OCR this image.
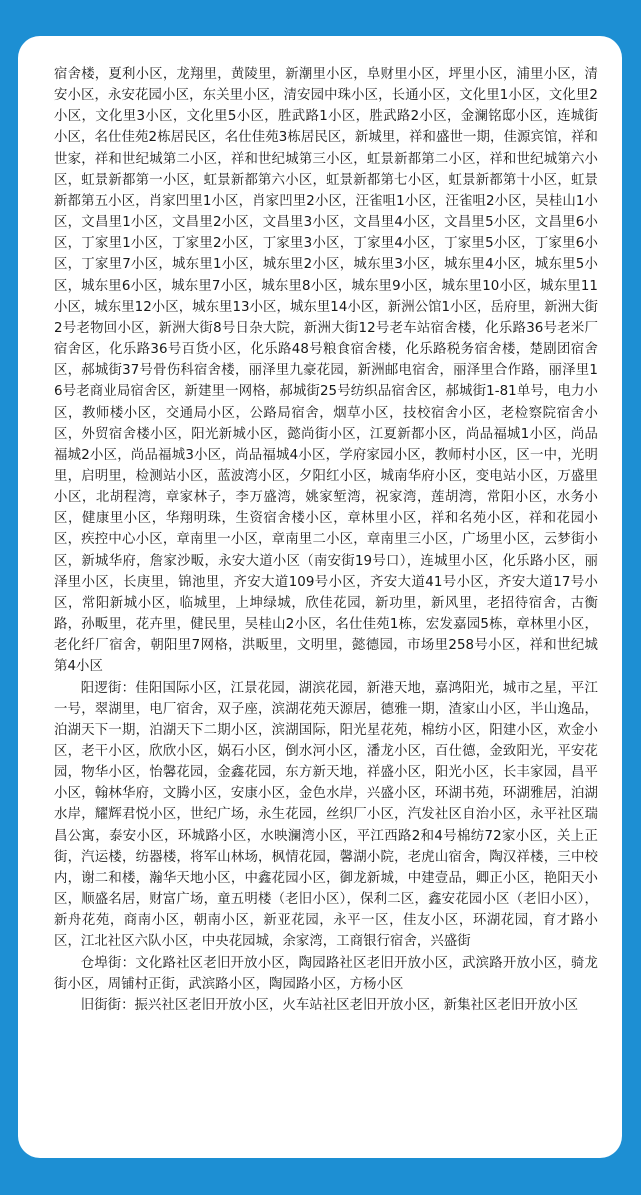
宿舍楼，夏利小区，龙翔里，黄陵里，新潮里小区，阜财里小区，坪里小区，浦里小区，清安小区，永安花园小区，东关里小区，清安园中珠小区，长通小区，文化里1小区，文化里2小区，文化里3小区，文化里5小区，胜武路1小区，胜武路2小区，金澜铭邸小区，连城街小区，名仕佳苑2栋居民区，名仕佳苑3栋居民区，新城里，祥和盛世一期，佳源宾馆，祥和世家，祥和世纪城第二小区，祥和世纪城第三小区，虹景新都第二小区，祥和世纪城第六小区，虹景新都第一小区，虹景新都第六小区，虹景新都第七小区，虹景新都第十小区，虹景新都第五小区，肖家凹里1小区，肖家凹里2小区，汪雀咀1小区，汪雀咀2小区，吴桂山1小区，文昌里1小区，文昌里2小区，文昌里3小区，文昌里4小区，文昌里5小区，文昌里6小区，丁家里1小区，丁家里2小区，丁家里3小区，丁家里4小区，丁家里5小区，丁家里6小区，丁家里7小区，城东里1小区，城东里2小区，城东里3小区，城东里4小区，城东里5小区，城东里6小区，城东里7小区，城东里8小区，城东里9小区，城东里10小区，城东里11小区，城东里12小区，城东里13小区，城东里14小区，新洲公馆1小区，岳府里，新洲大街2号老物回小区，新洲大街8号日杂大院，新洲大街12号老车站宿舍楼，化乐路36号老米厂宿舍区，化乐路36号百货小区，化乐路48号粮食宿舍楼，化乐路税务宿舍楼，楚剧团宿舍区，郝城街37号骨伤科宿舍楼，丽泽里九豪花园，新洲邮电宿舍，丽泽里合作路，丽泽里16号老商业局宿舍区，新建里一网格，郝城街25号纺织品宿舍区，郝城街1-81单号，电力小区，教师楼小区，交通局小区，公路局宿舍，烟草小区，技校宿舍小区，老检察院宿舍小区，外贸宿舍楼小区，阳光新城小区，懿尚街小区，江夏新都小区，尚品福城1小区，尚品福城2小区，尚品福城3小区，尚品福城4小区，学府家园小区，教师村小区，区一中，光明里，启明里，检测站小区，蓝波湾小区，夕阳红小区，城南华府小区，变电站小区，万盛里小区，北胡程湾，章家林子，李万盛湾，姚家堑湾，祝家湾，莲胡湾，常阳小区，水务小区，健康里小区，华翔明珠，生资宿舍楼小区，章林里小区，祥和名苑小区，祥和花园小区，疾控中心小区，章南里一小区，章南里二小区，章南里三小区，广场里小区，云梦街小区，新城华府，詹家沙畈，永安大道小区（南安街19号口），连城里小区，化乐路小区，丽泽里小区，长庚里，锦池里，齐安大道109号小区，齐安大道41号小区，齐安大道17号小区，常阳新城小区，临城里，上坤绿城，欣佳花园，新功里，新风里，老招待宿舍，古衡路，孙畈里，花卉里，健民里，吴桂山2小区，名仕佳苑1栋，宏发嘉园5栋，章林里小区，老化纤厂宿舍，朝阳里7网格，洪畈里，文明里，懿德园，市场里258号小区，祥和世纪城第4小区

阳逻街：佳阳国际小区，江景花园，湖滨花园，新港天地，嘉鸿阳光，城市之星，平江一号，翠湖里，电厂宿舍，双子座，滨湖花苑天源居，德雅一期，渣家山小区，半山逸品，泊湖天下一期，泊湖天下二期小区，滨湖国际，阳光星花苑，棉纺小区，阳建小区，欢金小区，老干小区，欣欣小区，娲石小区，倒水河小区，潘龙小区，百仕德，金致阳光，平安花园，物华小区，怡馨花园，金鑫花园，东方新天地，祥盛小区，阳光小区，长丰家园，昌平小区，翰林华府，文腾小区，安康小区，金色水岸，兴盛小区，环湖书苑，环湖雅居，泊湖水岸，耀辉君悦小区，世纪广场，永生花园，丝织厂小区，汽发社区自治小区，永平社区瑞昌公寓，泰安小区，环城路小区，水映澜湾小区，平江西路2和4号棉纺72家小区，关上正街，汽运楼，纺器楼，将军山林场，枫情花园，馨湖小院，老虎山宿舍，陶汉祥楼，三中校内，谢二和楼，瀚华天地小区，中鑫花园小区，御龙新城，中建壹品，卿正小区，艳阳天小区，顺盛名居，财富广场，童五明楼（老旧小区），保利二区，鑫安花园小区（老旧小区），新舟花苑，商南小区，朝南小区，新亚花园，永平一区，佳友小区，环湖花园，育才路小区，江北社区六队小区，中央花园城，余家湾，工商银行宿舍，兴盛街

仓埠街：文化路社区老旧开放小区，陶园路社区老旧开放小区，武滨路开放小区，骑龙街小区，周铺村正街，武滨路小区，陶园路小区，方杨小区

旧街街：振兴社区老旧开放小区，火车站社区老旧开放小区，新集社区老旧开放小区
